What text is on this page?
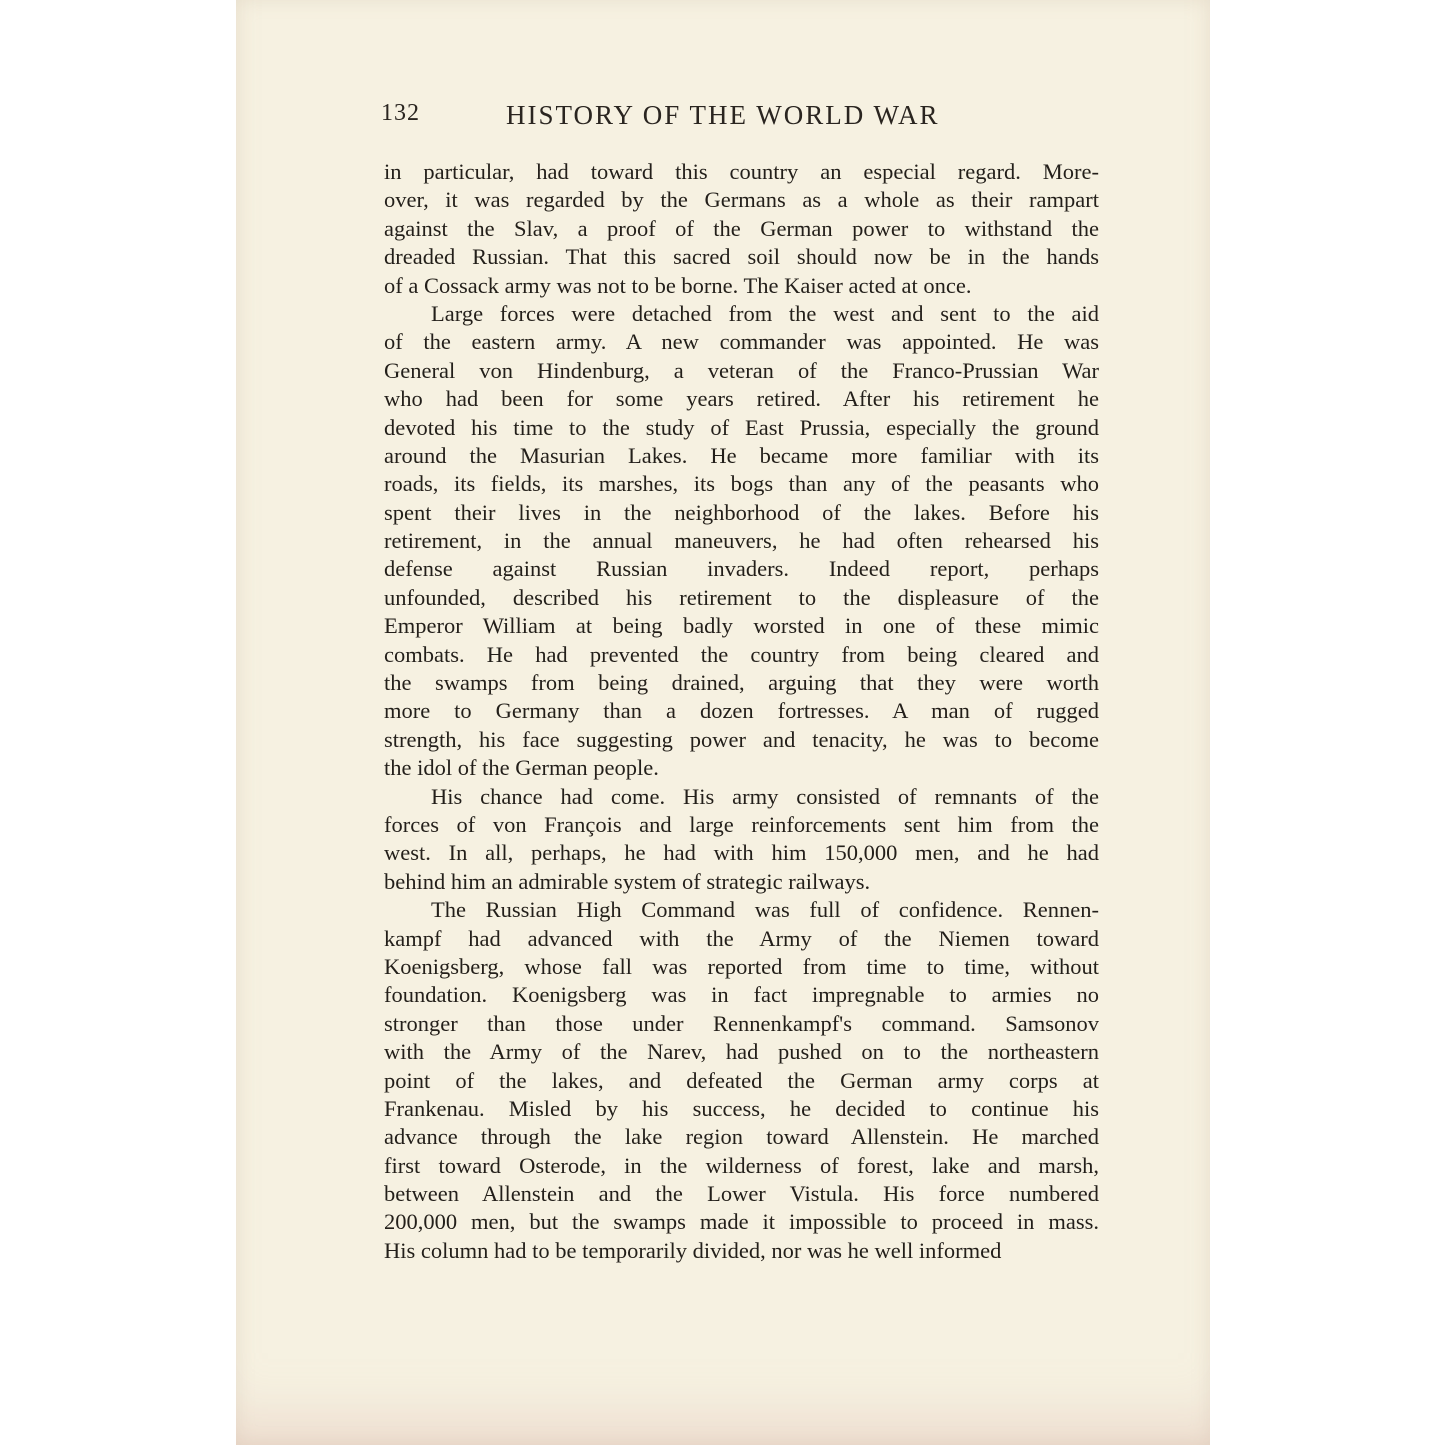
132	HISTORY OF THE WORLD WAR
in particular, had toward this country an especial regard. More-
over, it was regarded by the Germans as a whole as their rampart
against the Slav, a proof of the German power to withstand the
dreaded Russian. That this sacred soil should now be in the hands
of a Cossack army was not to be borne. The Kaiser acted at once.
Large forces were detached from the west and sent to the aid
of the eastern army. A new commander was appointed. He was
General von Hindenburg, a veteran of the Franco-Prussian War
who had been for some years retired. After his retirement he
devoted his time to the study of East Prussia, especially the ground
around the Masurian Lakes. He became more familiar with its
roads, its fields, its marshes, its bogs than any of the peasants who
spent their lives in the neighborhood of the lakes. Before his
retirement, in the annual maneuvers, he had often rehearsed his
defense against Russian invaders. Indeed report, perhaps
unfounded, described his retirement to the displeasure of the
Emperor William at being badly worsted in one of these mimic
combats. He had prevented the country from being cleared and
the swamps from being drained, arguing that they were worth
more to Germany than a dozen fortresses. A man of rugged
strength, his face suggesting power and tenacity, he was to become
the idol of the German people.
His chance had come. His army consisted of remnants of the
forces of von François and large reinforcements sent him from the
west. In all, perhaps, he had with him 150,000 men, and he had
behind him an admirable system of strategic railways.
The Russian High Command was full of confidence. Rennen-
kampf had advanced with the Army of the Niemen toward
Koenigsberg, whose fall was reported from time to time, without
foundation. Koenigsberg was in fact impregnable to armies no
stronger than those under Rennenkampf's command. Samsonov
with the Army of the Narev, had pushed on to the northeastern
point of the lakes, and defeated the German army corps at
Frankenau. Misled by his success, he decided to continue his
advance through the lake region toward Allenstein. He marched
first toward Osterode, in the wilderness of forest, lake and marsh,
between Allenstein and the Lower Vistula. His force numbered
200,000 men, but the swamps made it impossible to proceed in mass.
His column had to be temporarily divided, nor was he well informed
